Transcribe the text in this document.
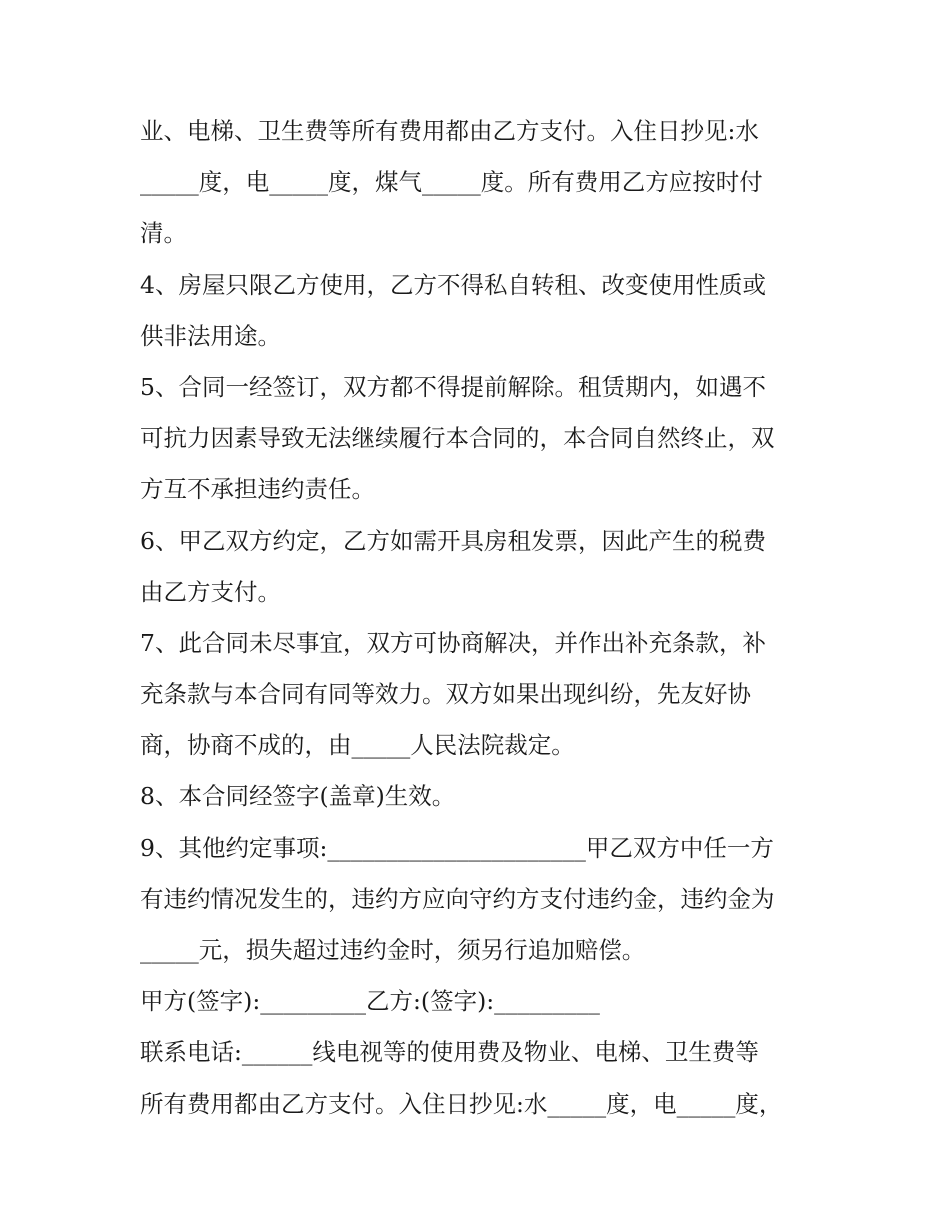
业、电梯、卫生费等所有费用都由乙方支付。入住日抄见:水
_____度，电_____度，煤气_____度。所有费用乙方应按时付
清。
4、房屋只限乙方使用，乙方不得私自转租、改变使用性质或
供非法用途。
5、合同一经签订，双方都不得提前解除。租赁期内，如遇不
可抗力因素导致无法继续履行本合同的，本合同自然终止，双
方互不承担违约责任。
6、甲乙双方约定，乙方如需开具房租发票，因此产生的税费
由乙方支付。
7、此合同未尽事宜，双方可协商解决，并作出补充条款，补
充条款与本合同有同等效力。双方如果出现纠纷，先友好协
商，协商不成的，由_____人民法院裁定。
8、本合同经签字(盖章)生效。
9、其他约定事项:______________________甲乙双方中任一方
有违约情况发生的，违约方应向守约方支付违约金，违约金为
_____元，损失超过违约金时，须另行追加赔偿。
甲方(签字):_________乙方:(签字):_________
联系电话:______线电视等的使用费及物业、电梯、卫生费等
所有费用都由乙方支付。入住日抄见:水_____度，电_____度，
